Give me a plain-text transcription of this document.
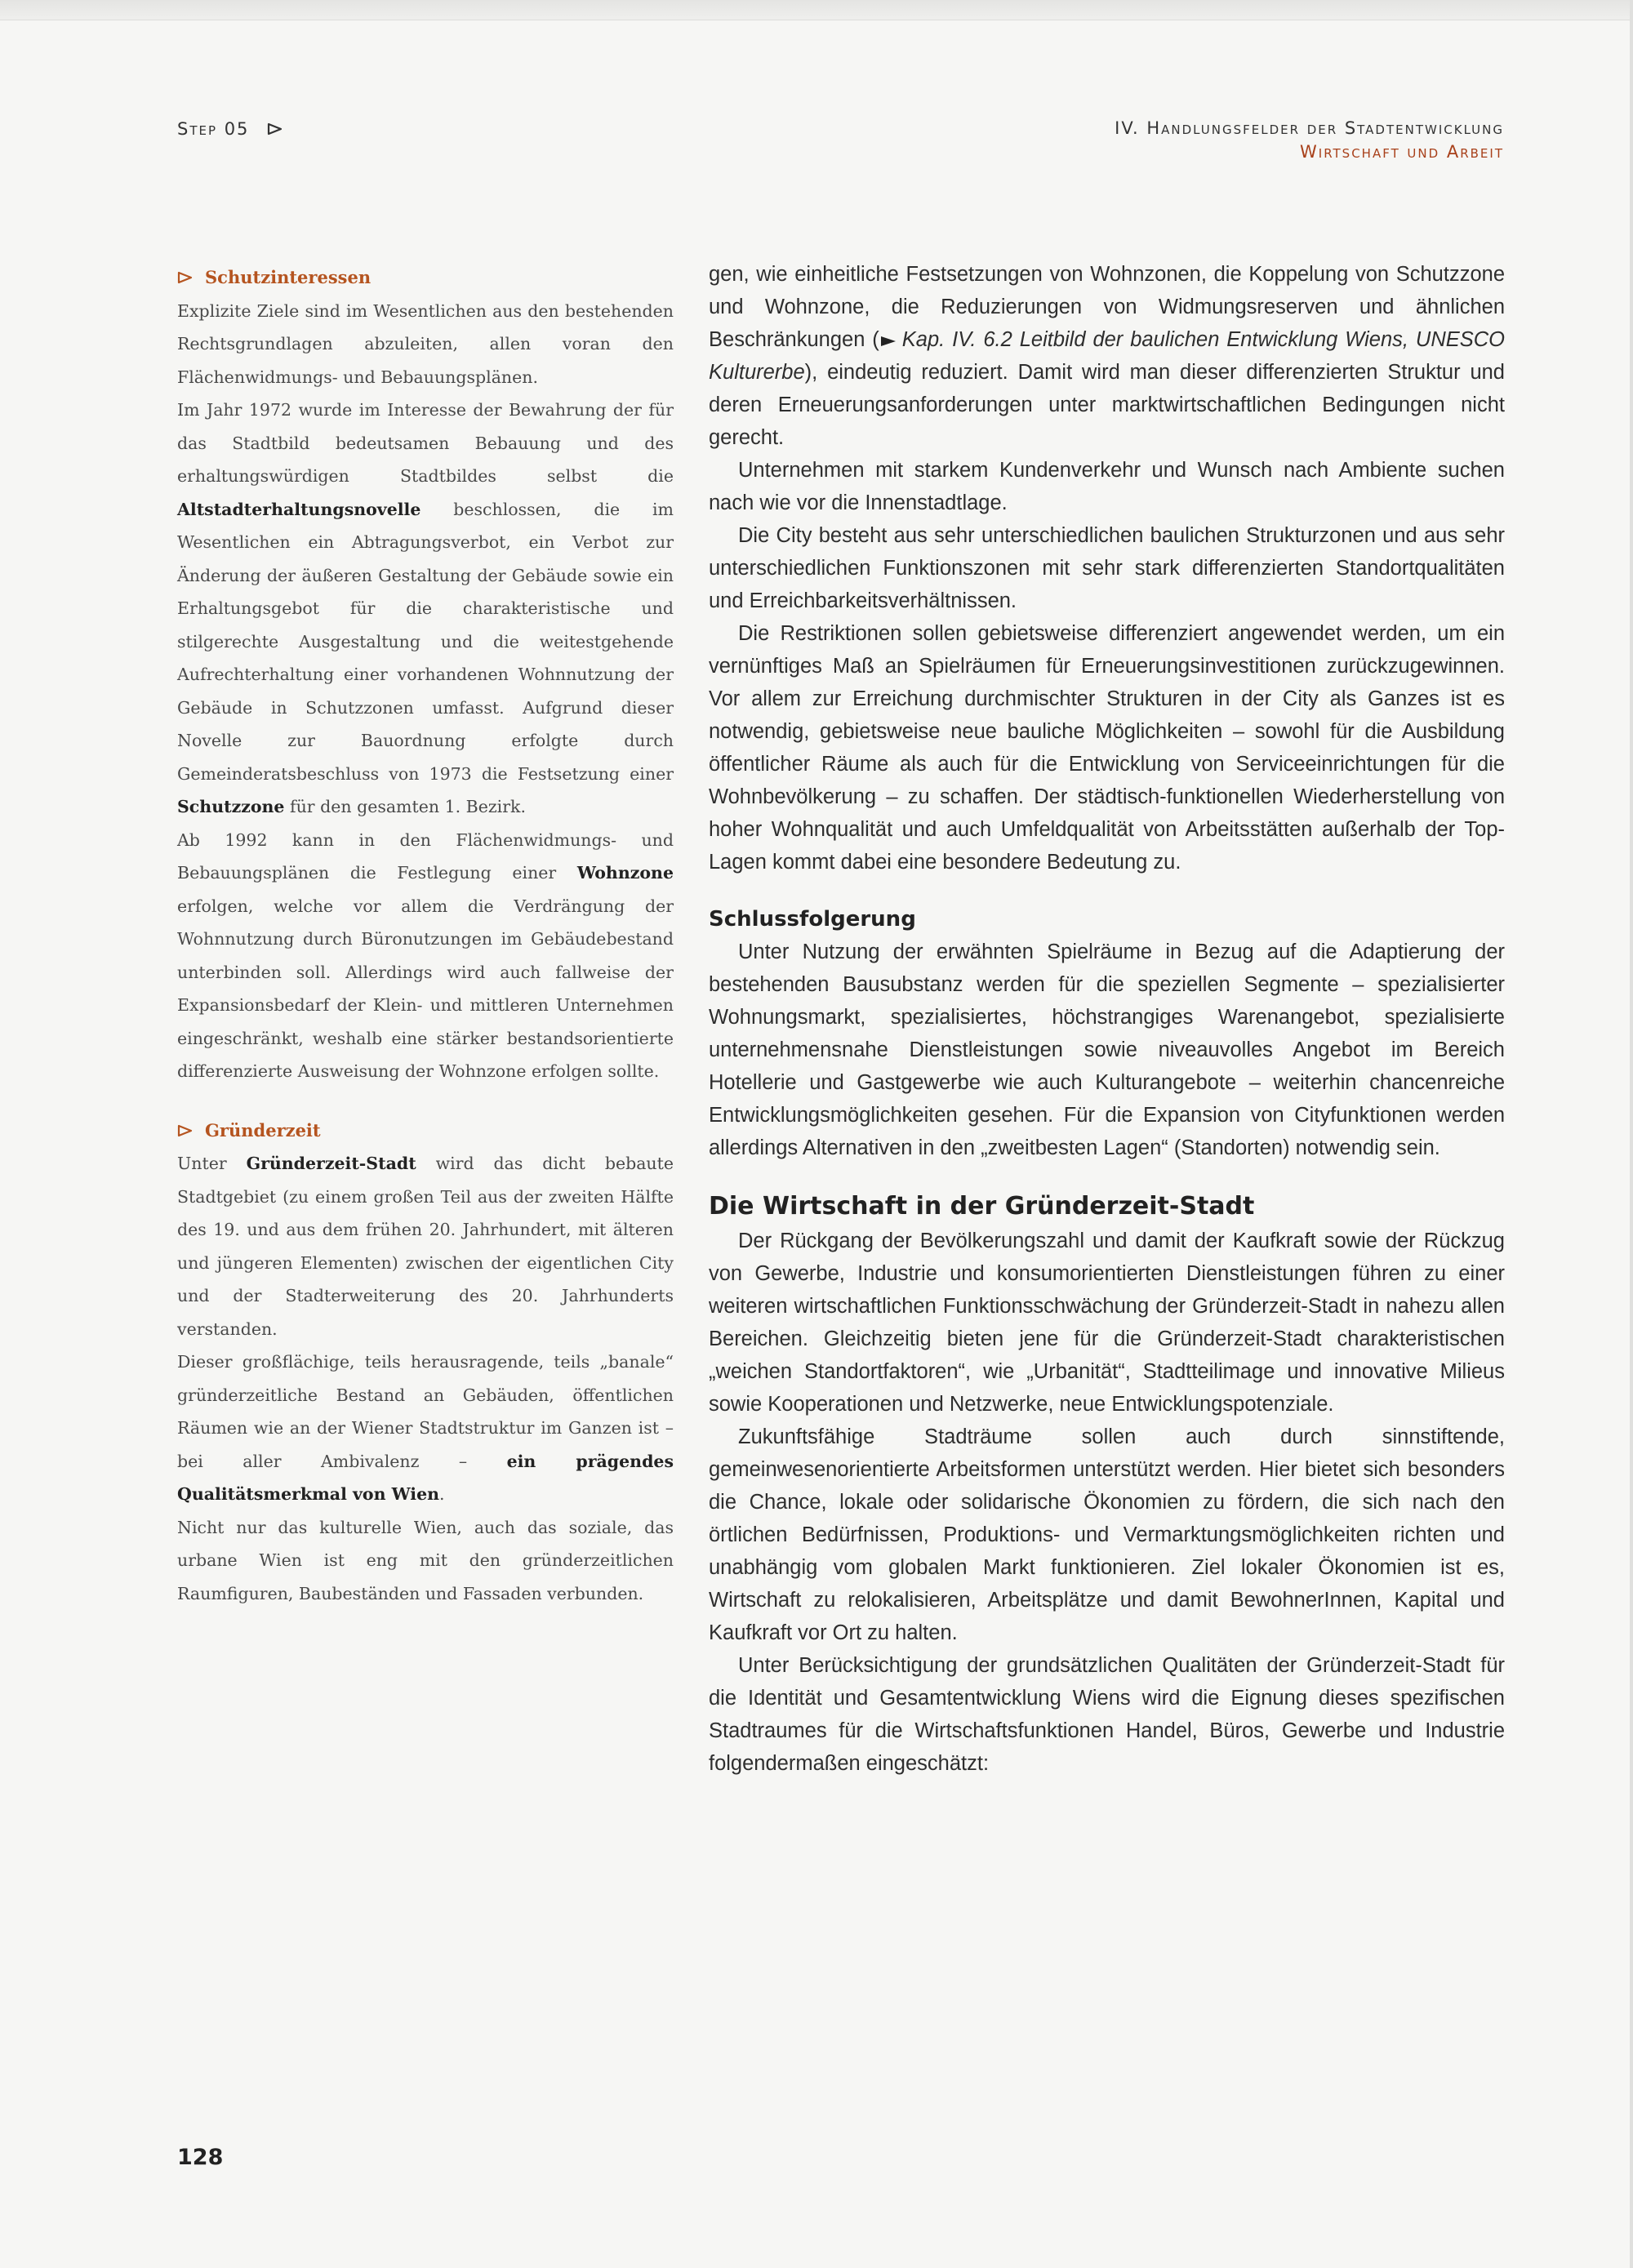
Step 05	IV. Handlungsfelder der Stadtentwicklung
Wirtschaft und Arbeit
Schutzinteressen

Explizite Ziele sind im Wesentlichen aus den bestehenden Rechtsgrundlagen abzuleiten, allen voran den Flächenwidmungs- und Bebauungsplänen.

Im Jahr 1972 wurde im Interesse der Bewahrung der für das Stadtbild bedeutsamen Bebauung und des erhaltungswürdigen Stadtbildes selbst die Altstadterhaltungsnovelle beschlossen, die im Wesentlichen ein Abtragungsverbot, ein Verbot zur Änderung der äußeren Gestaltung der Gebäude sowie ein Erhaltungsgebot für die charakteristische und stilgerechte Ausgestaltung und die weitestgehende Aufrechterhaltung einer vorhandenen Wohnnutzung der Gebäude in Schutzzonen umfasst. Aufgrund dieser Novelle zur Bauordnung erfolgte durch Gemeinderatsbeschluss von 1973 die Festsetzung einer Schutzzone für den gesamten 1. Bezirk.

Ab 1992 kann in den Flächenwidmungs- und Bebauungsplänen die Festlegung einer Wohnzone erfolgen, welche vor allem die Verdrängung der Wohnnutzung durch Büronutzungen im Gebäudebestand unterbinden soll. Allerdings wird auch fallweise der Expansionsbedarf der Klein- und mittleren Unternehmen eingeschränkt, weshalb eine stärker bestandsorientierte differenzierte Ausweisung der Wohnzone erfolgen sollte.

Gründerzeit

Unter Gründerzeit-Stadt wird das dicht bebaute Stadtgebiet (zu einem großen Teil aus der zweiten Hälfte des 19. und aus dem frühen 20. Jahrhundert, mit älteren und jüngeren Elementen) zwischen der eigentlichen City und der Stadterweiterung des 20. Jahrhunderts verstanden.

Dieser großflächige, teils herausragende, teils „banale“ gründerzeitliche Bestand an Gebäuden, öffentlichen Räumen wie an der Wiener Stadtstruktur im Ganzen ist – bei aller Ambivalenz – ein prägendes Qualitätsmerkmal von Wien.

Nicht nur das kulturelle Wien, auch das soziale, das urbane Wien ist eng mit den gründerzeitlichen Raumfiguren, Baubeständen und Fassaden verbunden.

gen, wie einheitliche Festsetzungen von Wohnzonen, die Koppelung von Schutzzone und Wohnzone, die Reduzierungen von Widmungsreserven und ähnlichen Beschränkungen ( Kap. IV. 6.2 Leitbild der baulichen Entwicklung Wiens, UNESCO Kulturerbe), eindeutig reduziert. Damit wird man dieser differenzierten Struktur und deren Erneuerungsanforderungen unter marktwirtschaftlichen Bedingungen nicht gerecht.

Unternehmen mit starkem Kundenverkehr und Wunsch nach Ambiente suchen nach wie vor die Innenstadtlage.

Die City besteht aus sehr unterschiedlichen baulichen Strukturzonen und aus sehr unterschiedlichen Funktionszonen mit sehr stark differenzierten Standortqualitäten und Erreichbarkeitsverhältnissen.

Die Restriktionen sollen gebietsweise differenziert angewendet werden, um ein vernünftiges Maß an Spielräumen für Erneuerungsinvestitionen zurückzugewinnen. Vor allem zur Erreichung durchmischter Strukturen in der City als Ganzes ist es notwendig, gebietsweise neue bauliche Möglichkeiten – sowohl für die Ausbildung öffentlicher Räume als auch für die Entwicklung von Serviceeinrichtungen für die Wohnbevölkerung – zu schaffen. Der städtisch-funktionellen Wiederherstellung von hoher Wohnqualität und auch Umfeldqualität von Arbeitsstätten außerhalb der Top-Lagen kommt dabei eine besondere Bedeutung zu.

Schlussfolgerung

Unter Nutzung der erwähnten Spielräume in Bezug auf die Adaptierung der bestehenden Bausubstanz werden für die speziellen Segmente – spezialisierter Wohnungsmarkt, spezialisiertes, höchstrangiges Warenangebot, spezialisierte unternehmensnahe Dienstleistungen sowie niveauvolles Angebot im Bereich Hotellerie und Gastgewerbe wie auch Kulturangebote – weiterhin chancenreiche Entwicklungsmöglichkeiten gesehen. Für die Expansion von Cityfunktionen werden allerdings Alternativen in den „zweitbesten Lagen“ (Standorten) notwendig sein.

Die Wirtschaft in der Gründerzeit-Stadt

Der Rückgang der Bevölkerungszahl und damit der Kaufkraft sowie der Rückzug von Gewerbe, Industrie und konsumorientierten Dienstleistungen führen zu einer weiteren wirtschaftlichen Funktionsschwächung der Gründerzeit-Stadt in nahezu allen Bereichen. Gleichzeitig bieten jene für die Gründerzeit-Stadt charakteristischen „weichen Standortfaktoren“, wie „Urbanität“, Stadtteilimage und innovative Milieus sowie Kooperationen und Netzwerke, neue Entwicklungspotenziale.

Zukunftsfähige Stadträume sollen auch durch sinnstiftende, gemeinwesenorientierte Arbeitsformen unterstützt werden. Hier bietet sich besonders die Chance, lokale oder solidarische Ökonomien zu fördern, die sich nach den örtlichen Bedürfnissen, Produktions- und Vermarktungsmöglichkeiten richten und unabhängig vom globalen Markt funktionieren. Ziel lokaler Ökonomien ist es, Wirtschaft zu relokalisieren, Arbeitsplätze und damit BewohnerInnen, Kapital und Kaufkraft vor Ort zu halten.

Unter Berücksichtigung der grundsätzlichen Qualitäten der Gründerzeit-Stadt für die Identität und Gesamtentwicklung Wiens wird die Eignung dieses spezifischen Stadtraumes für die Wirtschaftsfunktionen Handel, Büros, Gewerbe und Industrie folgendermaßen eingeschätzt:

128
